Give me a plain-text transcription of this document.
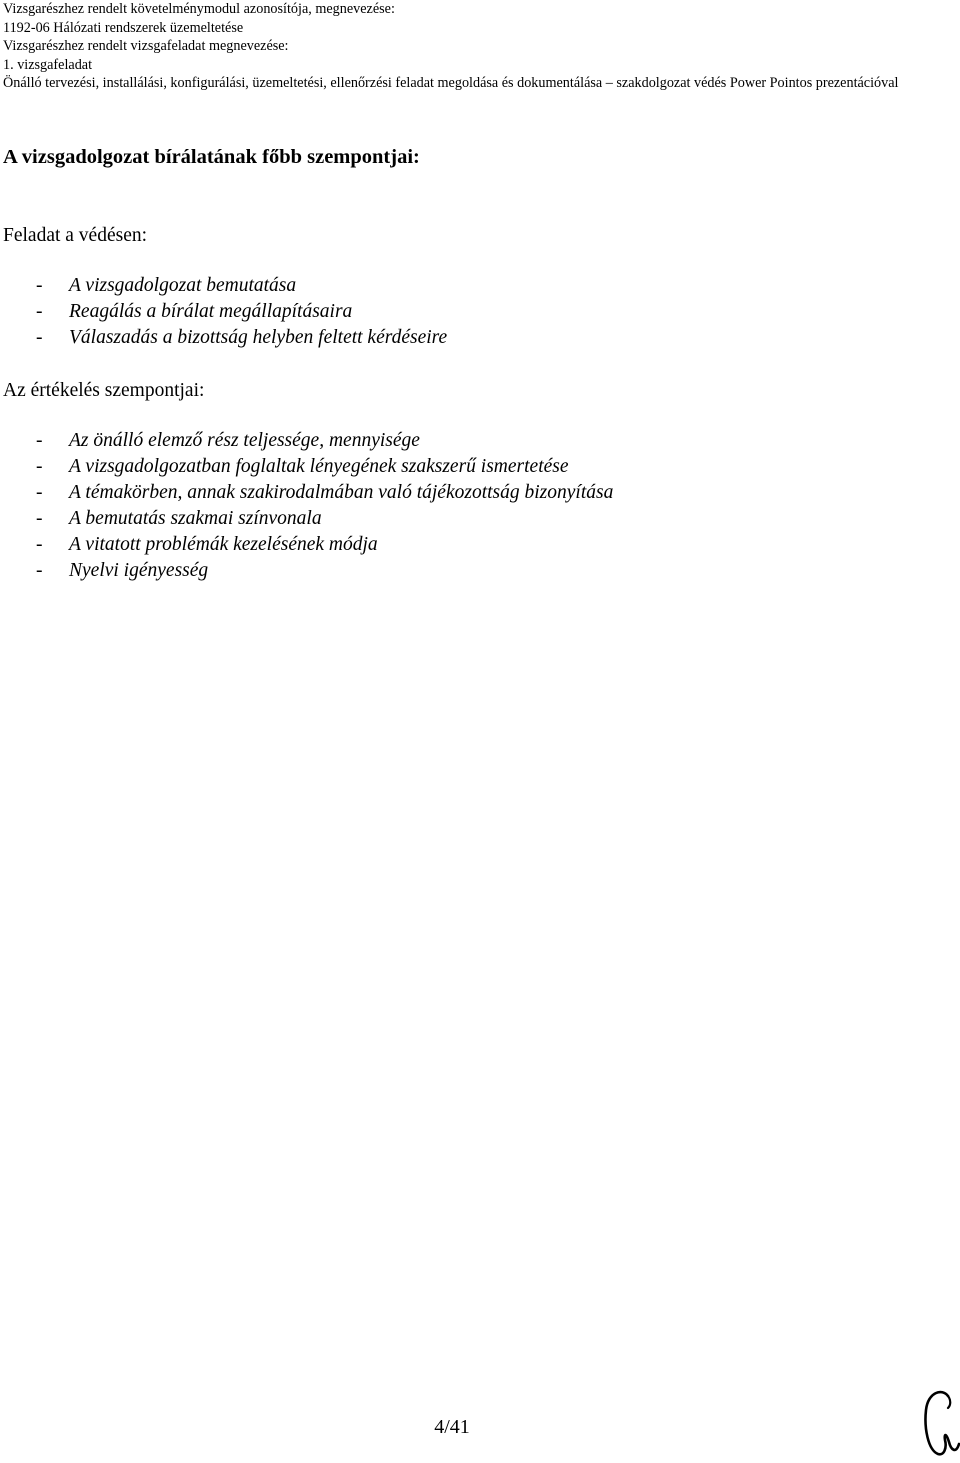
Vizsgarészhez rendelt követelménymodul azonosítója, megnevezése:
1192-06 Hálózati rendszerek üzemeltetése
Vizsgarészhez rendelt vizsgafeladat megnevezése:
1. vizsgafeladat
Önálló tervezési, installálási, konfigurálási, üzemeltetési, ellenőrzési feladat megoldása és dokumentálása – szakdolgozat védés Power Pointos prezentációval
A vizsgadolgozat bírálatának főbb szempontjai:
Feladat a védésen:
- A vizsgadolgozat bemutatása
- Reagálás a bírálat megállapításaira
- Válaszadás a bizottság helyben feltett kérdéseire
Az értékelés szempontjai:
- Az önálló elemző rész teljessége, mennyisége
- A vizsgadolgozatban foglaltak lényegének szakszerű ismertetése
- A témakörben, annak szakirodalmában való tájékozottság bizonyítása
- A bemutatás szakmai színvonala
- A vitatott problémák kezelésének módja
- Nyelvi igényesség
4/41
